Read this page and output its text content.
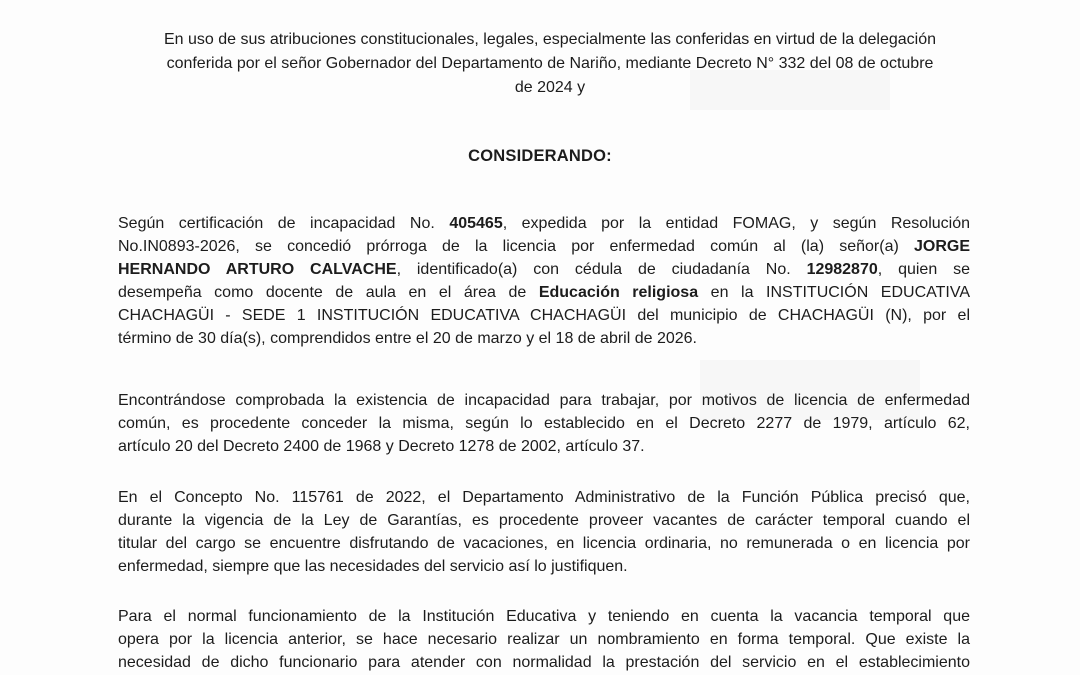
En uso de sus atribuciones constitucionales, legales, especialmente las conferidas en virtud de la delegación
conferida por el señor Gobernador del Departamento de Nariño, mediante Decreto N° 332 del 08 de octubre
de 2024 y
CONSIDERANDO:
Según certificación de incapacidad No. 405465, expedida por la entidad FOMAG, y según Resolución
No.IN0893-2026, se concedió prórroga de la licencia por enfermedad común al (la) señor(a) JORGE
HERNANDO ARTURO CALVACHE, identificado(a) con cédula de ciudadanía No. 12982870, quien se
desempeña como docente de aula en el área de Educación religiosa en la INSTITUCIÓN EDUCATIVA
CHACHAGÜI - SEDE 1 INSTITUCIÓN EDUCATIVA CHACHAGÜI del municipio de CHACHAGÜI (N), por el
término de 30 día(s), comprendidos entre el 20 de marzo y el 18 de abril de 2026.
Encontrándose comprobada la existencia de incapacidad para trabajar, por motivos de licencia de enfermedad
común, es procedente conceder la misma, según lo establecido en el Decreto 2277 de 1979, artículo 62,
artículo 20 del Decreto 2400 de 1968 y Decreto 1278 de 2002, artículo 37.
En el Concepto No. 115761 de 2022, el Departamento Administrativo de la Función Pública precisó que,
durante la vigencia de la Ley de Garantías, es procedente proveer vacantes de carácter temporal cuando el
titular del cargo se encuentre disfrutando de vacaciones, en licencia ordinaria, no remunerada o en licencia por
enfermedad, siempre que las necesidades del servicio así lo justifiquen.
Para el normal funcionamiento de la Institución Educativa y teniendo en cuenta la vacancia temporal que
opera por la licencia anterior, se hace necesario realizar un nombramiento en forma temporal. Que existe la
necesidad de dicho funcionario para atender con normalidad la prestación del servicio en el establecimiento
